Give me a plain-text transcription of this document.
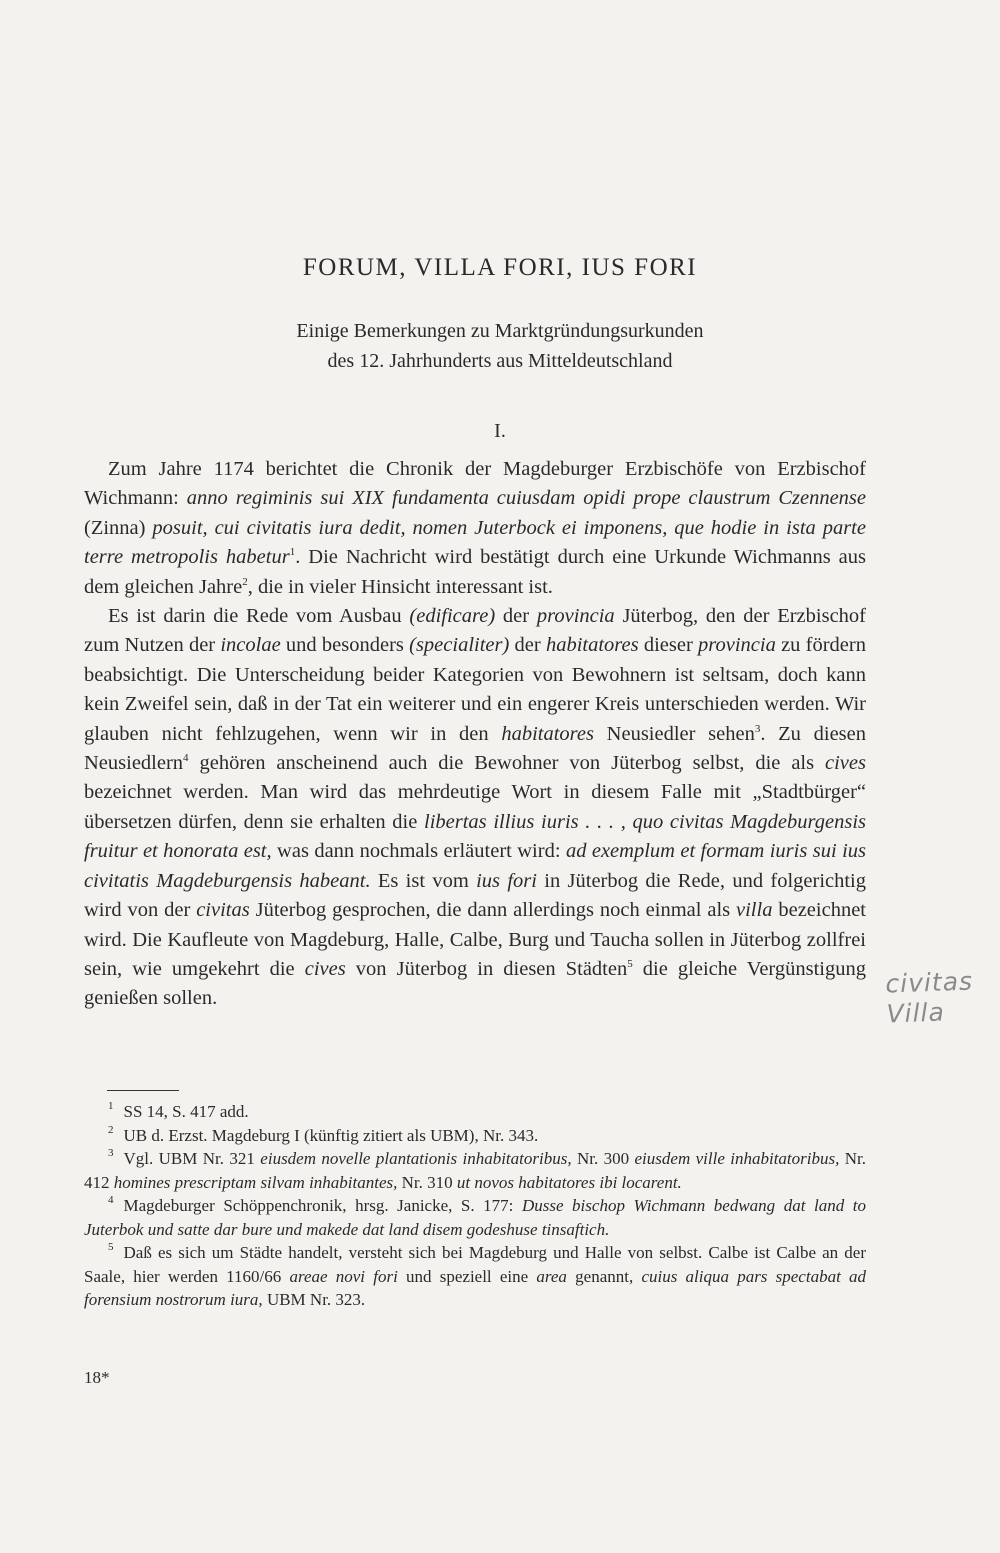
FORUM, VILLA FORI, IUS FORI
Einige Bemerkungen zu Marktgründungsurkunden
des 12. Jahrhunderts aus Mitteldeutschland
I.

Zum Jahre 1174 berichtet die Chronik der Magdeburger Erzbischöfe von Erzbischof Wichmann: anno regiminis sui XIX fundamenta cuiusdam opidi prope claustrum Czennense (Zinna) posuit, cui civitatis iura dedit, nomen Juterbock ei imponens, que hodie in ista parte terre metropolis habetur$^1$. Die Nachricht wird bestätigt durch eine Urkunde Wichmanns aus dem gleichen Jahre$^2$, die in vieler Hinsicht interessant ist.

Es ist darin die Rede vom Ausbau (edificare) der provincia Jüterbog, den der Erzbischof zum Nutzen der incolae und besonders (specialiter) der habitatores dieser provincia zu fördern beabsichtigt. Die Unterscheidung beider Kategorien von Bewohnern ist seltsam, doch kann kein Zweifel sein, daß in der Tat ein weiterer und ein engerer Kreis unterschieden werden. Wir glauben nicht fehlzugehen, wenn wir in den habitatores Neusiedler sehen$^3$. Zu diesen Neusiedlern$^4$ gehören anscheinend auch die Bewohner von Jüterbog selbst, die als cives bezeichnet werden. Man wird das mehrdeutige Wort in diesem Falle mit „Stadtbürger“ übersetzen dürfen, denn sie erhalten die libertas illius iuris . . . , quo civitas Magdeburgensis fruitur et honorata est, was dann nochmals erläutert wird: ad exemplum et formam iuris sui ius civitatis Magdeburgensis habeant. Es ist vom ius fori in Jüterbog die Rede, und folgerichtig wird von der civitas Jüterbog gesprochen, die dann allerdings noch einmal als villa bezeichnet wird. Die Kaufleute von Magdeburg, Halle, Calbe, Burg und Taucha sollen in Jüterbog zollfrei sein, wie umgekehrt die cives von Jüterbog in diesen Städten$^5$ die gleiche Vergünstigung genießen sollen.

$^1$ SS 14, S. 417 add.

$^2$ UB d. Erzst. Magdeburg I (künftig zitiert als UBM), Nr. 343.

$^3$ Vgl. UBM Nr. 321 eiusdem novelle plantationis inhabitatoribus, Nr. 300 eiusdem ville inhabitatoribus, Nr. 412 homines prescriptam silvam inhabitantes, Nr. 310 ut novos habitatores ibi locarent.

$^4$ Magdeburger Schöppenchronik, hrsg. Janicke, S. 177: Dusse bischop Wichmann bedwang dat land to Juterbok und satte dar bure und makede dat land disem godeshuse tinsaftich.

$^5$ Daß es sich um Städte handelt, versteht sich bei Magdeburg und Halle von selbst. Calbe ist Calbe an der Saale, hier werden 1160/66 areae novi fori und speziell eine area genannt, cuius aliqua pars spectabat ad forensium nostrorum iura, UBM Nr. 323.

18*
civitas
Villa
